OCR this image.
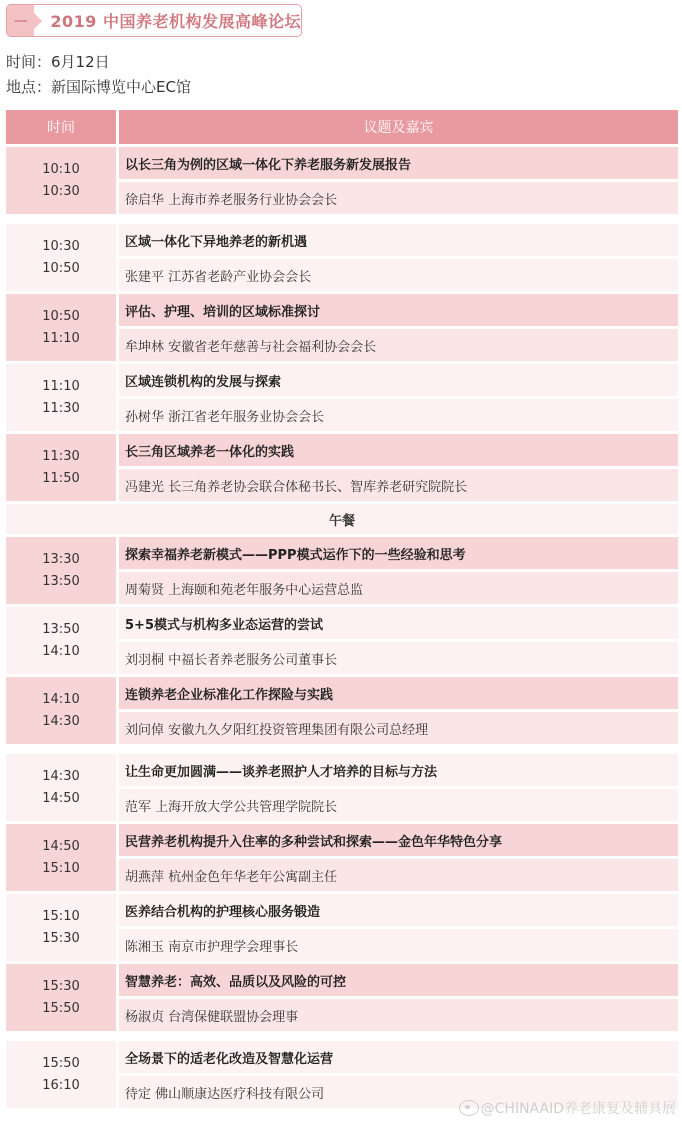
— 2019 中国养老机构发展高峰论坛
时间：6月12日
地点：新国际博览中心EC馆
时间	议题及嘉宾
10:10
10:30
以长三角为例的区域一体化下养老服务新发展报告
徐启华 上海市养老服务行业协会会长
10:30
10:50
区域一体化下异地养老的新机遇
张建平 江苏省老龄产业协会会长
10:50
11:10
评估、护理、培训的区域标准探讨
牟坤林 安徽省老年慈善与社会福利协会会长
11:10
11:30
区域连锁机构的发展与探索
孙树华 浙江省老年服务业协会会长
11:30
11:50
长三角区域养老一体化的实践
冯建光 长三角养老协会联合体秘书长、智库养老研究院院长
午餐
13:30
13:50
探索幸福养老新模式——PPP模式运作下的一些经验和思考
周菊贤 上海颐和苑老年服务中心运营总监
13:50
14:10
5+5模式与机构多业态运营的尝试
刘羽桐 中福长者养老服务公司董事长
14:10
14:30
连锁养老企业标准化工作探险与实践
刘问倬 安徽九久夕阳红投资管理集团有限公司总经理
14:30
14:50
让生命更加圆满——谈养老照护人才培养的目标与方法
范军 上海开放大学公共管理学院院长
14:50
15:10
民营养老机构提升入住率的多种尝试和探索——金色年华特色分享
胡燕萍 杭州金色年华老年公寓副主任
15:10
15:30
医养结合机构的护理核心服务锻造
陈湘玉 南京市护理学会理事长
15:30
15:50
智慧养老：高效、品质以及风险的可控
杨淑贞 台湾保健联盟协会理事
15:50
16:10
全场景下的适老化改造及智慧化运营
待定 佛山顺康达医疗科技有限公司
@CHINAAID养老康复及辅具展
